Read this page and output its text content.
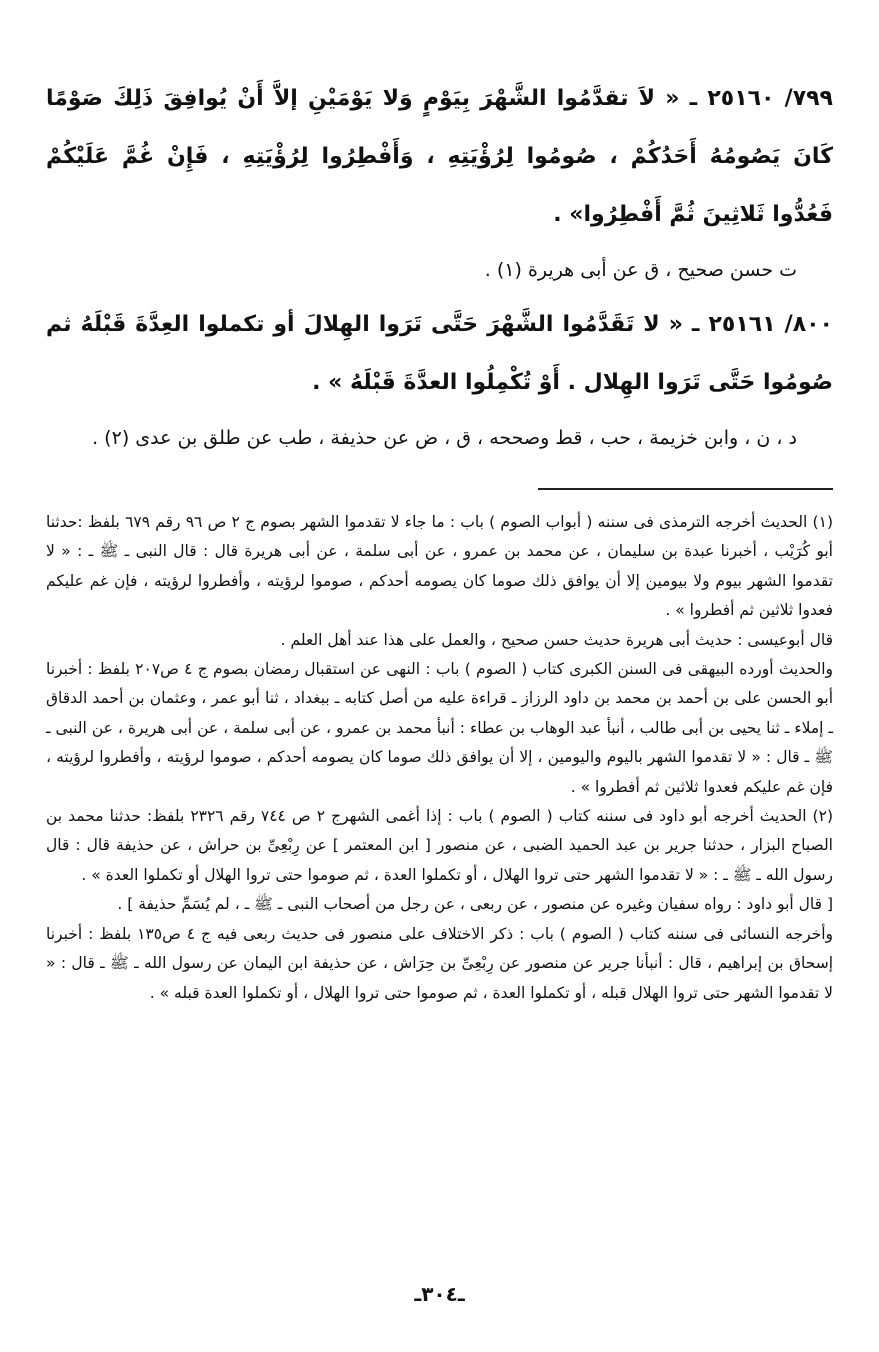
٧٩٩/ ٢٥١٦٠ ـ « لاَ تقدَّمُوا الشَّهْرَ بِيَوْمٍ وَلا يَوْمَيْنِ إلاَّ أَنْ يُوافِقَ ذَلِكَ صَوْمًا كَانَ يَصُومُهُ أَحَدُكُمْ ، صُومُوا لِرُؤْيَتِهِ ، وَأَفْطِرُوا لِرُؤْيَتِهِ ، فَإِنْ غُمَّ عَلَيْكُمْ فَعُدُّوا ثَلاثِينَ ثُمَّ أَفْطِرُوا» .

ت حسن صحيح ، ق عن أبى هريرة (١) .

٨٠٠/ ٢٥١٦١ ـ « لا تَقَدَّمُوا الشَّهْرَ حَتَّى تَرَوا الهِلالَ أو تكملوا العِدَّةَ قَبْلَهُ ثم صُومُوا حَتَّى تَرَوا الهِلال . أَوْ تُكْمِلُوا العدَّةَ قَبْلَهُ » .

د ، ن ، وابن خزيمة ، حب ، قط وصححه ، ق ، ض عن حذيفة ، طب عن طلق بن عدى (٢) .

(١) الحديث أخرجه الترمذى فى سننه ( أبواب الصوم ) باب : ما جاء لا تقدموا الشهر بصوم ج ٢ ص ٩٦ رقم ٦٧٩ بلفظ :حدثنا أبو كُرَيْب ، أخبرنا عبدة بن سليمان ، عن محمد بن عمرو ، عن أبى سلمة ، عن أبى هريرة قال : قال النبى ـ ﷺ ـ : « لا تقدموا الشهر بيوم ولا بيومين إلا أن يوافق ذلك صوما كان يصومه أحدكم ، صوموا لرؤيته ، وأفطروا لرؤيته ، فإن غم عليكم فعدوا ثلاثين ثم أفطروا » .

قال أبوعيسى : حديث أبى هريرة حديث حسن صحيح ، والعمل على هذا عند أهل العلم .

والحديث أورده البيهقى فى السنن الكبرى كتاب ( الصوم ) باب : النهى عن استقبال رمضان بصوم ج ٤ ص٢٠٧ بلفظ : أخبرنا أبو الحسن على بن أحمد بن محمد بن داود الرزاز ـ قراءة عليه من أصل كتابه ـ ببغداد ، ثنا أبو عمر ، وعثمان بن أحمد الدقاق ـ إملاء ـ ثنا يحيى بن أبى طالب ، أنبأ عبد الوهاب بن عطاء : أنبأ محمد بن عمرو ، عن أبى سلمة ، عن أبى هريرة ، عن النبى ـ ﷺ ـ قال : « لا تقدموا الشهر باليوم واليومين ، إلا أن يوافق ذلك صوما كان يصومه أحدكم ، صوموا لرؤيته ، وأفطروا لرؤيته ، فإن غم عليكم فعدوا ثلاثين ثم أفطروا » .

(٢) الحديث أخرجه أبو داود فى سننه كتاب ( الصوم ) باب : إذا أغمى الشهرج ٢ ص ٧٤٤ رقم ٢٣٢٦ بلفظ: حدثنا محمد بن الصباح البزار ، حدثنا جرير بن عبد الحميد الضبى ، عن منصور [ ابن المعتمر ] عن رِبْعِىِّ بن حراش ، عن حذيفة قال : قال رسول الله ـ ﷺ ـ : « لا تقدموا الشهر حتى تروا الهلال ، أو تكملوا العدة ، ثم صوموا حتى تروا الهلال أو تكملوا العدة » .

[ قال أبو داود : رواه سفيان وغيره عن منصور ، عن ربعى ، عن رجل من أصحاب النبى ـ ﷺ ـ ، لم يُسَمِّ حذيفة ] .

وأخرجه النسائى فى سننه كتاب ( الصوم ) باب : ذكر الاختلاف على منصور فى حديث ربعى فيه ج ٤ ص١٣٥ بلفظ : أخبرنا إسحاق بن إبراهيم ، قال : أنبأنا جرير عن منصور عن رِبْعِىِّ بن حِرَاش ، عن حذيفة ابن اليمان عن رسول الله ـ ﷺ ـ قال : « لا تقدموا الشهر حتى تروا الهلال قبله ، أو تكملوا العدة ، ثم صوموا حتى تروا الهلال ، أو تكملوا العدة قبله » .

ـ٣٠٤ـ
